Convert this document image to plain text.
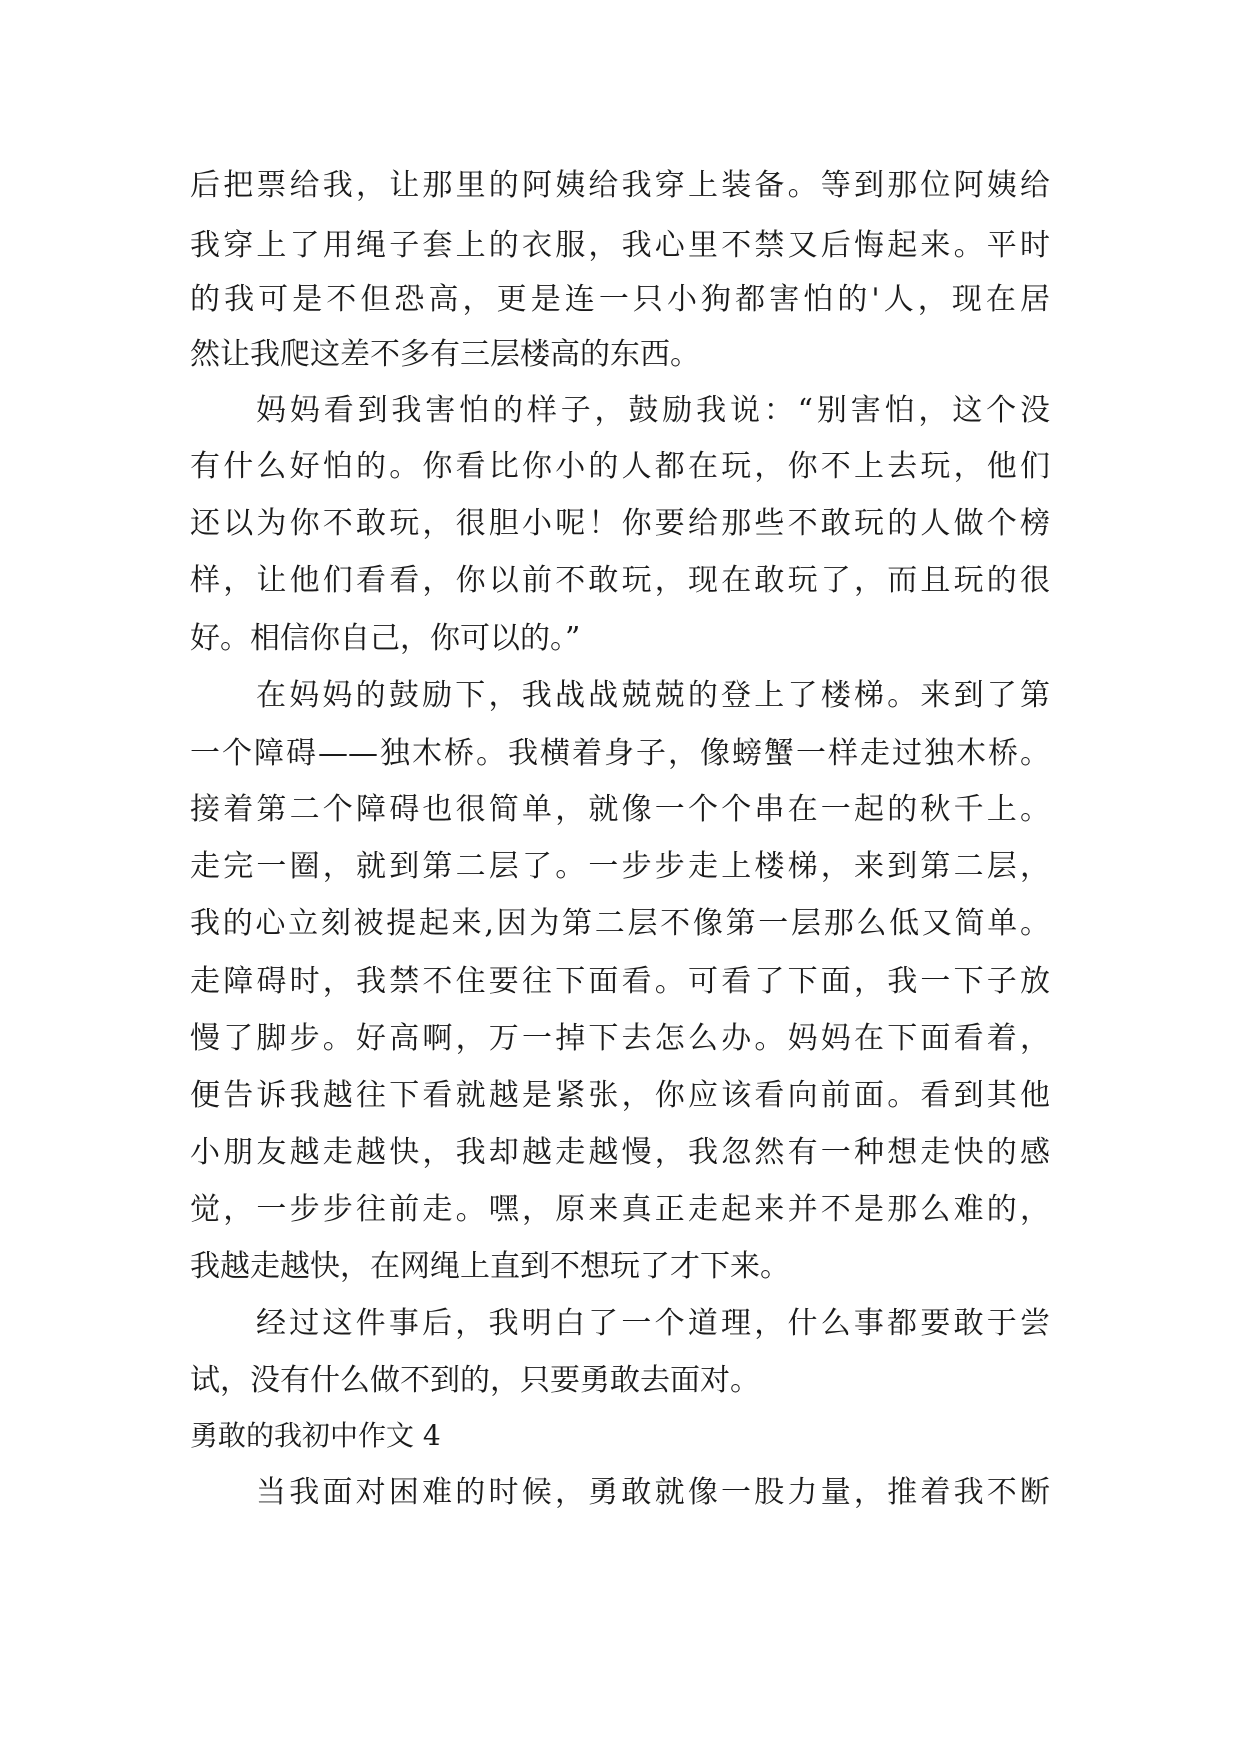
后把票给我，让那里的阿姨给我穿上装备。等到那位阿姨给
我穿上了用绳子套上的衣服，我心里不禁又后悔起来。平时
的我可是不但恐高，更是连一只小狗都害怕的'人，现在居
然让我爬这差不多有三层楼高的东西。
妈妈看到我害怕的样子，鼓励我说：“别害怕，这个没
有什么好怕的。你看比你小的人都在玩，你不上去玩，他们
还以为你不敢玩，很胆小呢！你要给那些不敢玩的人做个榜
样，让他们看看，你以前不敢玩，现在敢玩了，而且玩的很
好。相信你自己，你可以的。”
在妈妈的鼓励下，我战战兢兢的登上了楼梯。来到了第
一个障碍——独木桥。我横着身子，像螃蟹一样走过独木桥。
接着第二个障碍也很简单，就像一个个串在一起的秋千上。
走完一圈，就到第二层了。一步步走上楼梯，来到第二层，
我的心立刻被提起来,因为第二层不像第一层那么低又简单。
走障碍时，我禁不住要往下面看。可看了下面，我一下子放
慢了脚步。好高啊，万一掉下去怎么办。妈妈在下面看着，
便告诉我越往下看就越是紧张，你应该看向前面。看到其他
小朋友越走越快，我却越走越慢，我忽然有一种想走快的感
觉，一步步往前走。嘿，原来真正走起来并不是那么难的，
我越走越快，在网绳上直到不想玩了才下来。
经过这件事后，我明白了一个道理，什么事都要敢于尝
试，没有什么做不到的，只要勇敢去面对。
勇敢的我初中作文 4
当我面对困难的时候，勇敢就像一股力量，推着我不断
